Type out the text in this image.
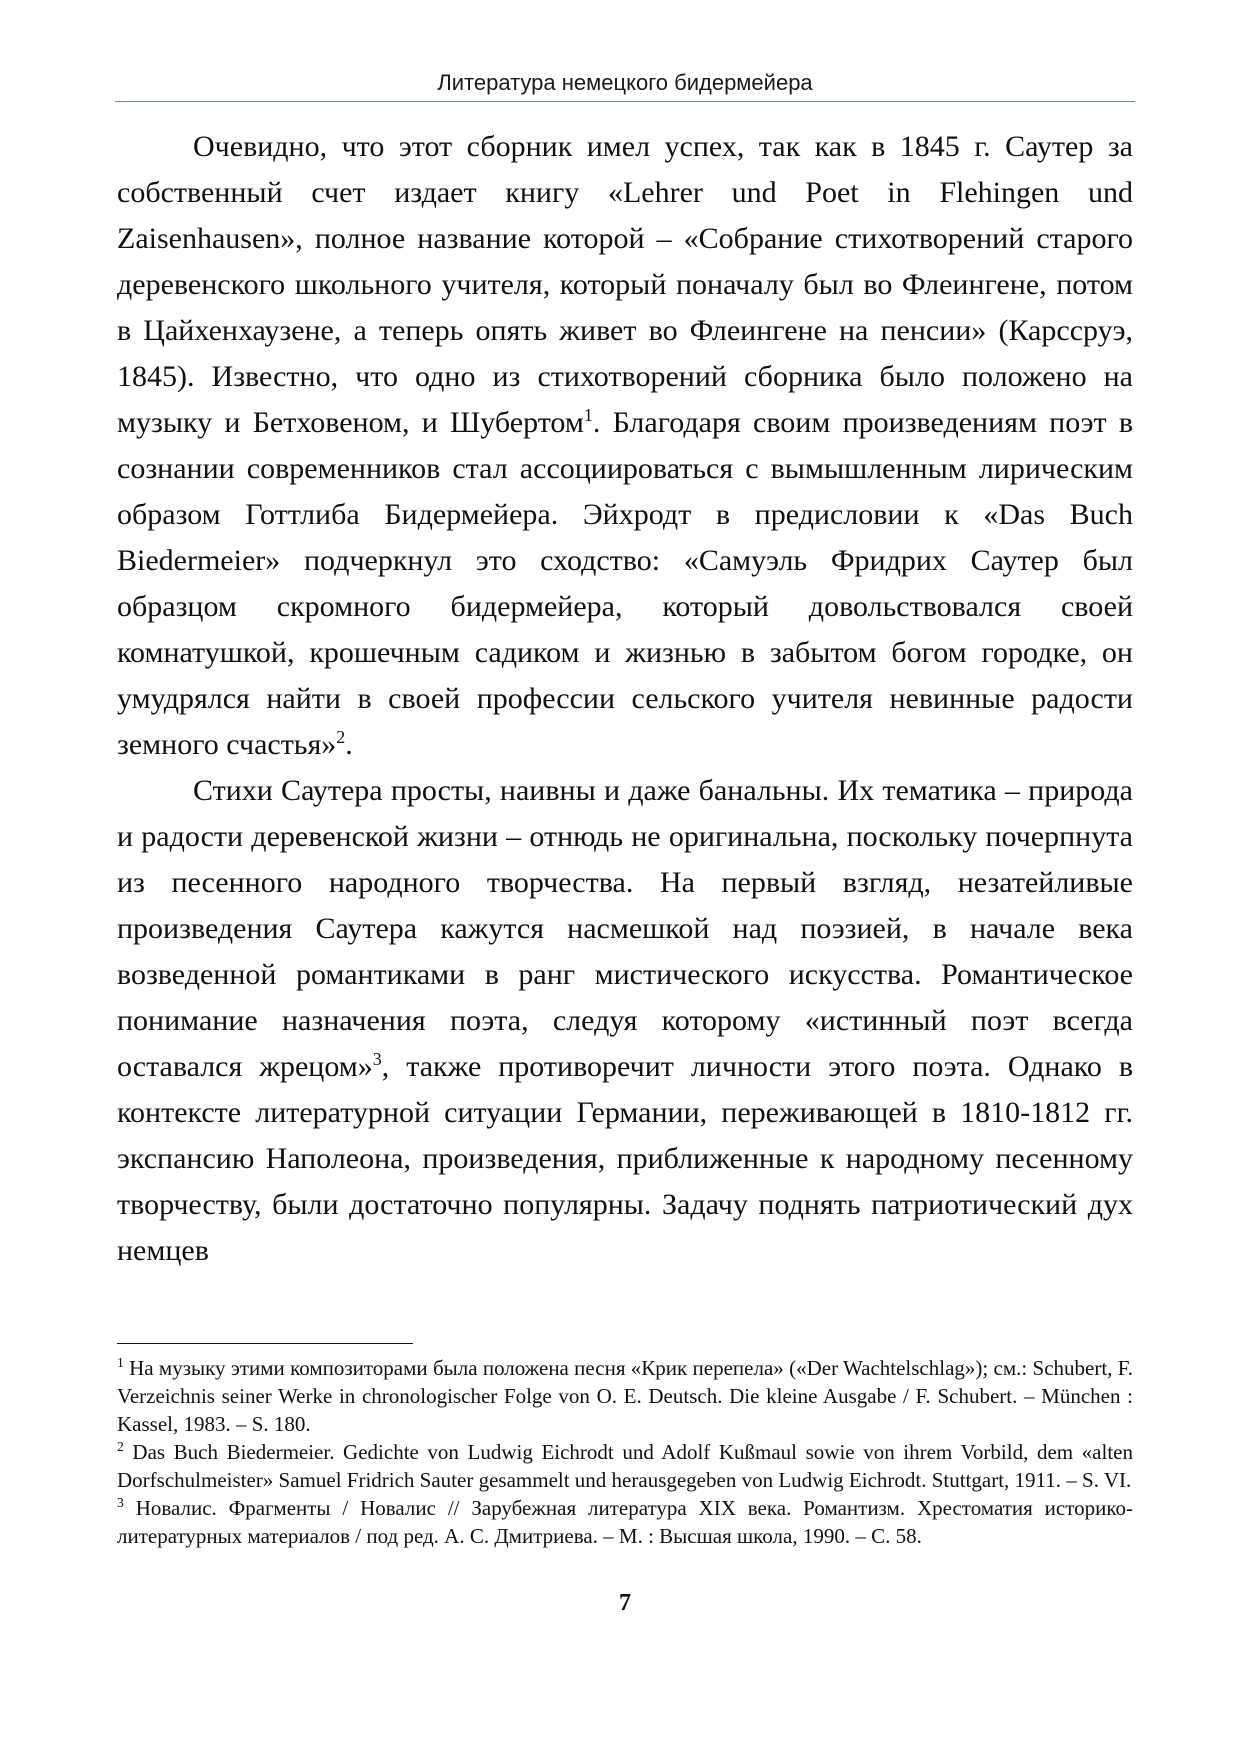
Литература немецкого бидермейера

Очевидно, что этот сборник имел успех, так как в 1845 г. Саутер за собственный счет издает книгу «Lehrer und Poet in Flehingen und Zaisenhausen», полное название которой – «Собрание стихотворений старого деревенского школьного учителя, который поначалу был во Флеингене, потом в Цайхенхаузене, а теперь опять живет во Флеингене на пенсии» (Карссруэ, 1845). Известно, что одно из стихотворений сборника было положено на музыку и Бетховеном, и Шубертом$^1$. Благодаря своим произведениям поэт в сознании современников стал ассоциироваться с вымышленным лирическим образом Готтлиба Бидермейера. Эйхродт в предисловии к «Das Buch Biedermeier» подчеркнул это сходство: «Самуэль Фридрих Саутер был образцом скромного бидермейера, который довольствовался своей комнатушкой, крошечным садиком и жизнью в забытом богом городке, он умудрялся найти в своей профессии сельского учителя невинные радости земного счастья»$^2$.

Стихи Саутера просты, наивны и даже банальны. Их тематика – природа и радости деревенской жизни – отнюдь не оригинальна, поскольку почерпнута из песенного народного творчества. На первый взгляд, незатейливые произведения Саутера кажутся насмешкой над поэзией, в начале века возведенной романтиками в ранг мистического искусства. Романтическое понимание назначения поэта, следуя которому «истинный поэт всегда оставался жрецом»$^3$, также противоречит личности этого поэта. Однако в контексте литературной ситуации Германии, переживающей в 1810-1812 гг. экспансию Наполеона, произведения, приближенные к народному песенному творчеству, были достаточно популярны. Задачу поднять патриотический дух немцев

$^1$ На музыку этими композиторами была положена песня «Крик перепела» («Der Wachtelschlag»); см.: Schubert, F. Verzeichnis seiner Werke in chronologischer Folge von O. E. Deutsch. Die kleine Ausgabe / F. Schubert. – München : Kassel, 1983. – S. 180.

$^2$ Das Buch Biedermeier. Gedichte von Ludwig Eichrodt und Adolf Kußmaul sowie von ihrem Vorbild, dem «alten Dorfschulmeister» Samuel Fridrich Sauter gesammelt und herausgegeben von Ludwig Eichrodt. Stuttgart, 1911. – S. VI.

$^3$ Новалис. Фрагменты / Новалис // Зарубежная литература XIX века. Романтизм. Хрестоматия историко-литературных материалов / под ред. А. С. Дмитриева. – М. : Высшая школа, 1990. – С. 58.

7
